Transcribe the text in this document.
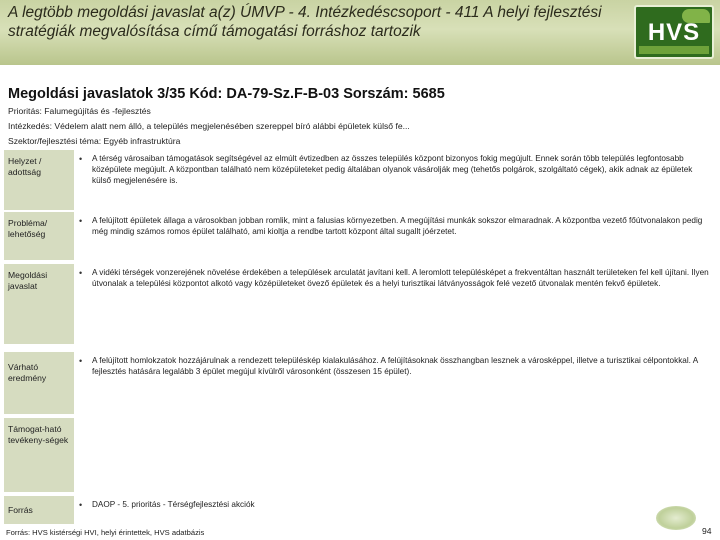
A legtöbb megoldási javaslat a(z) ÚMVP - 4. Intézkedéscsoport - 411 A helyi fejlesztési stratégiák megvalósítása című támogatási forráshoz tartozik	HVS
Megoldási javaslatok 3/35 Kód: DA-79-Sz.F-B-03 Sorszám: 5685
Prioritás: Falumegújítás és -fejlesztés
Intézkedés: Védelem alatt nem álló, a település megjelenésében szereppel bíró alábbi épületek külső fe...
Szektor/fejlesztési téma: Egyéb infrastruktúra
Helyzet / adottság
• A térség városaiban támogatások segítségével az elmúlt évtizedben az összes település központ bizonyos fokig megújult. Ennek során több település legfontosabb középülete megújult. A központban található nem középületeket pedig általában olyanok vásárolják meg (tehetős polgárok, szolgáltató cégek), akik adnak az épületek külső megjelenésére is.
Probléma/ lehetőség
• A felújított épületek állaga a városokban jobban romlik, mint a falusias környezetben. A megújítási munkák sokszor elmaradnak. A központba vezető főútvonalakon pedig még mindig számos romos épület található, ami kioltja a rendbe tartott központ által sugallt jóérzetet.
Megoldási javaslat
• A vidéki térségek vonzerejének növelése érdekében a települések arculatát javítani kell. A leromlott településképet a frekventáltan használt területeken fel kell újítani. Ilyen útvonalak a települési központot alkotó vagy középületeket övező épületek és a helyi turisztikai látványosságok felé vezető útvonalak mentén fekvő épületek.
Várható eredmény
• A felújított homlokzatok hozzájárulnak a rendezett településkép kialakulásához. A felújításoknak összhangban lesznek a városképpel, illetve a turisztikai célpontokkal. A fejlesztés hatására legalább 3 épület megújul kívülről városonként (összesen 15 épület).
Támogat-ható tevékeny-ségek
Forrás	• DAOP - 5. prioritás - Térségfejlesztési akciók
Forrás: HVS kistérségi HVI, helyi érintettek, HVS adatbázis	94
